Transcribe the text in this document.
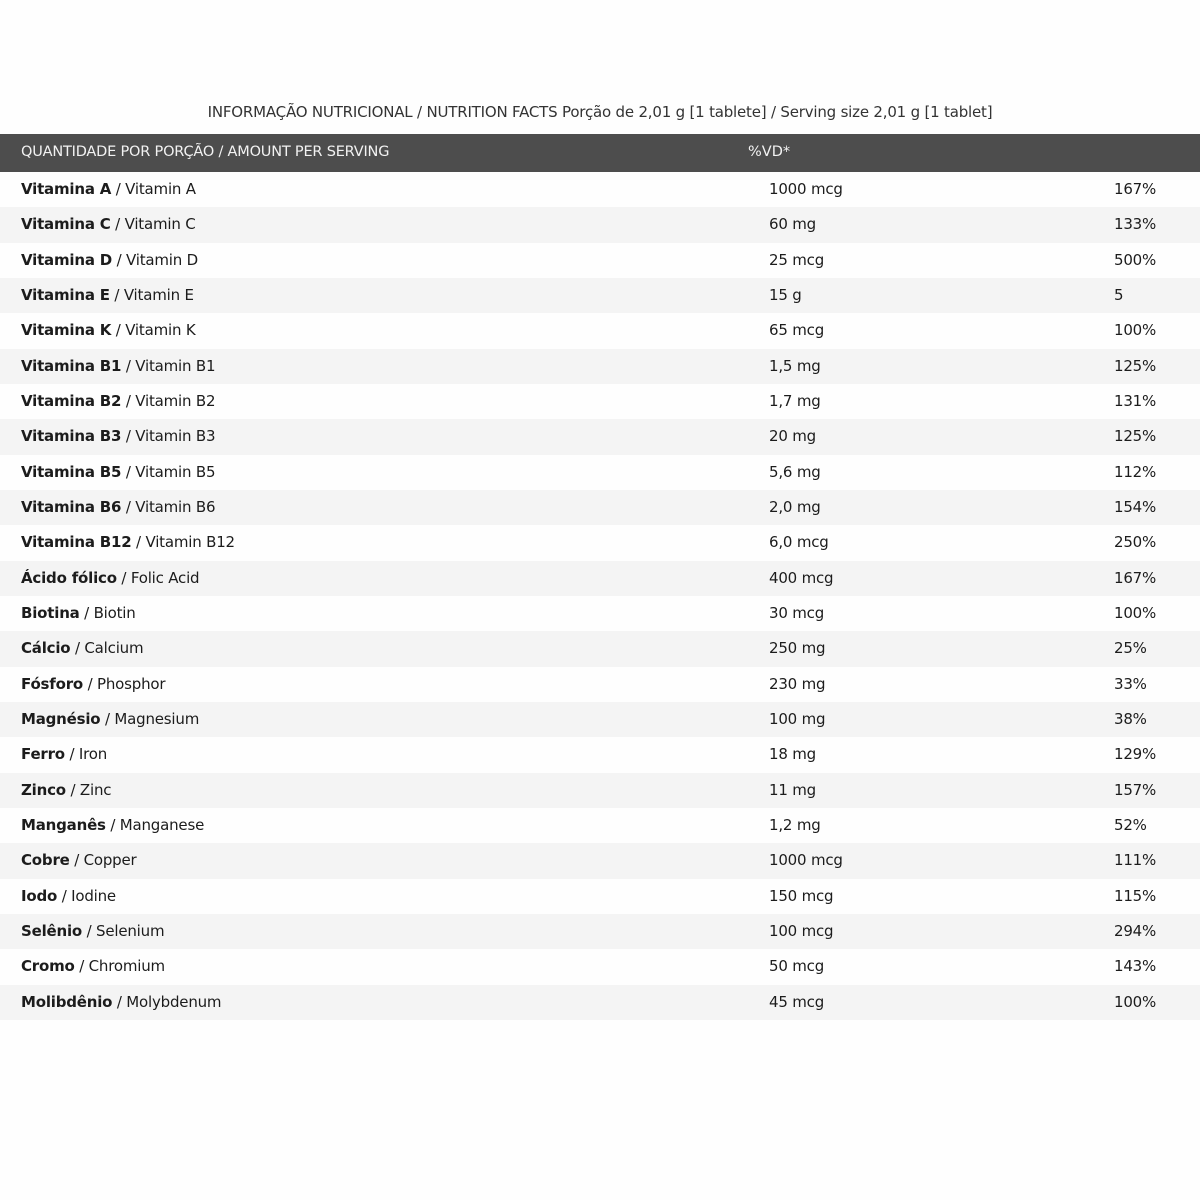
INFORMAÇÃO NUTRICIONAL / NUTRITION FACTS Porção de 2,01 g [1 tablete] / Serving size 2,01 g [1 tablet]
QUANTIDADE POR PORÇÃO / AMOUNT PER SERVING	%VD*
Vitamina A / Vitamin A	1000 mcg	167%
Vitamina C / Vitamin C	60 mg	133%
Vitamina D / Vitamin D	25 mcg	500%
Vitamina E / Vitamin E	15 g	5
Vitamina K / Vitamin K	65 mcg	100%
Vitamina B1 / Vitamin B1	1,5 mg	125%
Vitamina B2 / Vitamin B2	1,7 mg	131%
Vitamina B3 / Vitamin B3	20 mg	125%
Vitamina B5 / Vitamin B5	5,6 mg	112%
Vitamina B6 / Vitamin B6	2,0 mg	154%
Vitamina B12 / Vitamin B12	6,0 mcg	250%
Ácido fólico / Folic Acid	400 mcg	167%
Biotina / Biotin	30 mcg	100%
Cálcio / Calcium	250 mg	25%
Fósforo / Phosphor	230 mg	33%
Magnésio / Magnesium	100 mg	38%
Ferro / Iron	18 mg	129%
Zinco / Zinc	11 mg	157%
Manganês / Manganese	1,2 mg	52%
Cobre / Copper	1000 mcg	111%
Iodo / Iodine	150 mcg	115%
Selênio / Selenium	100 mcg	294%
Cromo / Chromium	50 mcg	143%
Molibdênio / Molybdenum	45 mcg	100%
